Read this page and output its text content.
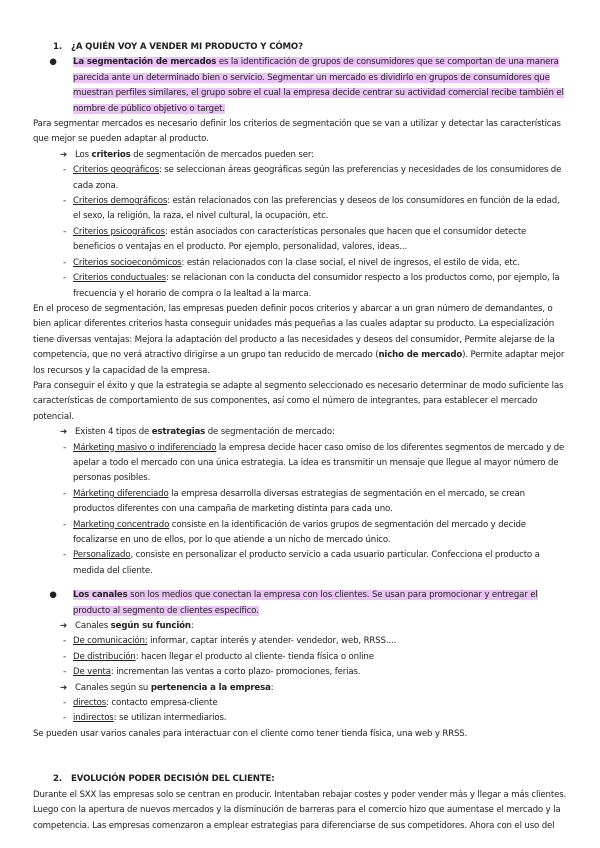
1. ¿A QUIÉN VOY A VENDER MI PRODUCTO Y CÓMO?

●	La segmentación de mercados es la identificación de grupos de consumidores que se comportan de una manera parecida ante un determinado bien o servicio. Segmentar un mercado es dividirlo en grupos de consumidores que muestran perfiles similares, el grupo sobre el cual la empresa decide centrar su actividad comercial recibe también el nombre de público objetivo o target.

Para segmentar mercados es necesario definir los criterios de segmentación que se van a utilizar y detectar las características que mejor se pueden adaptar al producto.

➔ Los criterios de segmentación de mercados pueden ser:
- Criterios geográficos: se seleccionan áreas geográficas según las preferencias y necesidades de los consumidores de cada zona.
- Criterios demográficos: están relacionados con las preferencias y deseos de los consumidores en función de la edad, el sexo, la religión, la raza, el nivel cultural, la ocupación, etc.
- Criterios psicográficos: están asociados con características personales que hacen que el consumidor detecte beneficios o ventajas en el producto. Por ejemplo, personalidad, valores, ideas...
- Criterios socioeconómicos: están relacionados con la clase social, el nivel de ingresos, el estilo de vida, etc.
- Criterios conductuales: se relacionan con la conducta del consumidor respecto a los productos como, por ejemplo, la frecuencia y el horario de compra o la lealtad a la marca.

En el proceso de segmentación, las empresas pueden definir pocos criterios y abarcar a un gran número de demandantes, o bien aplicar diferentes criterios hasta conseguir unidades más pequeñas a las cuales adaptar su producto. La especialización tiene diversas ventajas: Mejora la adaptación del producto a las necesidades y deseos del consumidor, Permite alejarse de la competencia, que no verá atractivo dirigirse a un grupo tan reducido de mercado (nicho de mercado). Permite adaptar mejor los recursos y la capacidad de la empresa.

Para conseguir el éxito y que la estrategia se adapte al segmento seleccionado es necesario determinar de modo suficiente las características de comportamiento de sus componentes, así como el número de integrantes, para establecer el mercado potencial.

➔ Existen 4 tipos de estrategias de segmentación de mercado:
- Márketing masivo o indiferenciado la empresa decide hacer caso omiso de los diferentes segmentos de mercado y de apelar a todo el mercado con una única estrategia. La idea es transmitir un mensaje que llegue al mayor número de personas posibles.
- Márketing diferenciado la empresa desarrolla diversas estrategias de segmentación en el mercado, se crean productos diferentes con una campaña de marketing distinta para cada uno.
- Marketing concentrado consiste en la identificación de varios grupos de segmentación del mercado y decide focalizarse en uno de ellos, por lo que atiende a un nicho de mercado único.
- Personalizado, consiste en personalizar el producto servicio a cada usuario particular. Confecciona el producto a medida del cliente.
●	Los canales son los medios que conectan la empresa con los clientes. Se usan para promocionar y entregar el producto al segmento de clientes específico.
➔ Canales según su función:
- De comunicación: informar, captar interés y atender- vendedor, web, RRSS....
- De distribución: hacen llegar el producto al cliente- tienda física o online
- De venta: incrementan las ventas a corto plazo- promociones, ferias.
➔ Canales según su pertenencia a la empresa:
- directos: contacto empresa-cliente
- indirectos: se utilizan intermediarios.

Se pueden usar varios canales para interactuar con el cliente como tener tienda física, una web y RRSS.

2. EVOLUCIÓN PODER DECISIÓN DEL CLIENTE:

Durante el SXX las empresas solo se centran en producir. Intentaban rebajar costes y poder vender más y llegar a más clientes. Luego con la apertura de nuevos mercados y la disminución de barreras para el comercio hizo que aumentase el mercado y la competencia. Las empresas comenzaron a emplear estrategias para diferenciarse de sus competidores. Ahora con el uso del
